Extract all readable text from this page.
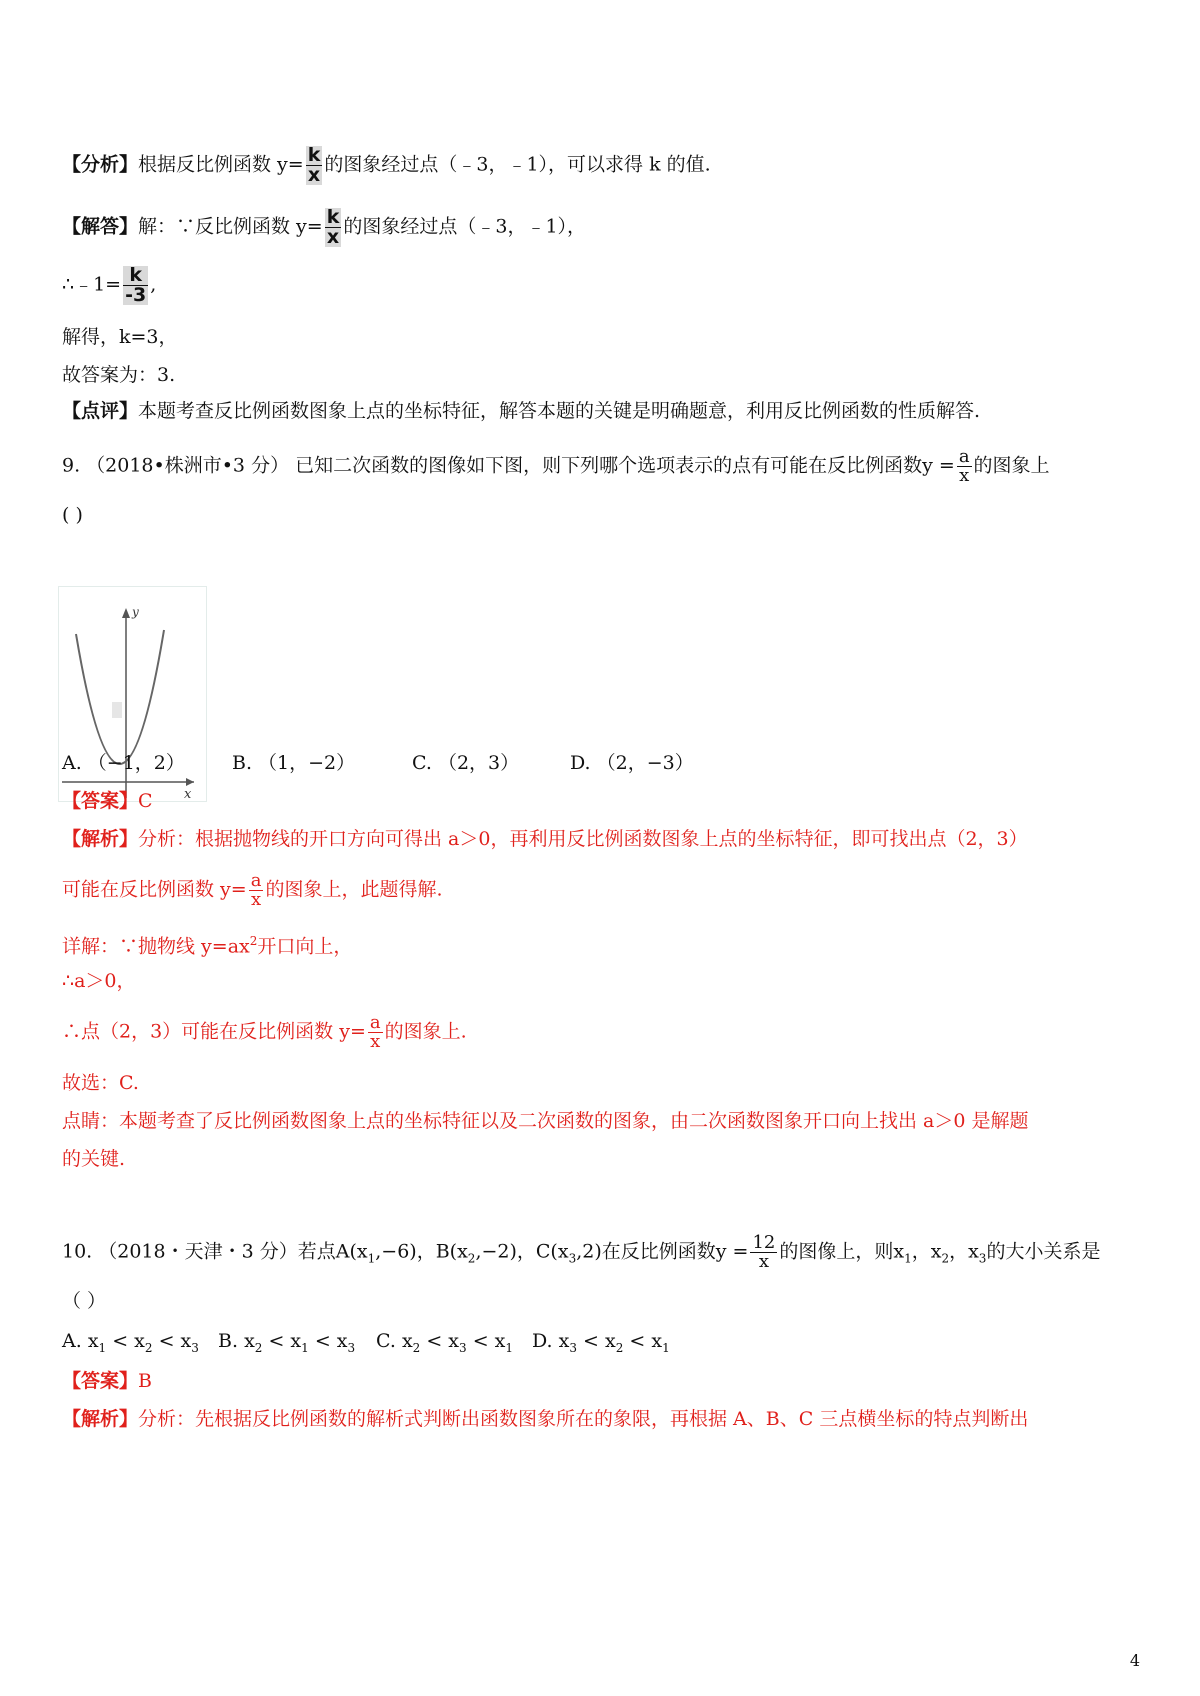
【分析】根据反比例函数 $y= \frac{k}{x}$ 的图象经过点（﹣3，﹣1），可以求得 k 的值.
【解答】解：∵反比例函数 $y= \frac{k}{x}$ 的图象经过点（﹣3，﹣1），
∴﹣1= $\frac{k}{-3}$ ,
解得，k=3，
故答案为：3.
【点评】本题考查反比例函数图象上点的坐标特征，解答本题的关键是明确题意，利用反比例函数的性质解答.
9. （2018•株洲市•3 分） 已知二次函数的图像如下图，则下列哪个选项表示的点有可能在反比例函数$y = \frac{a}{x}$ 的图象上
( )
y
x
A. （−1，2） B. （1，−2）	C. （2，3）	D. （2，−3）
【答案】C
【解析】分析：根据抛物线的开口方向可得出 a＞0，再利用反比例函数图象上点的坐标特征，即可找出点（2，3）
可能在反比例函数 $y= \frac{a}{x}$ 的图象上，此题得解.
详解：∵抛物线 $y=ax^2$开口向上，
∴a＞0，
∴点（2，3）可能在反比例函数 $y= \frac{a}{x}$ 的图象上.
故选：C.
点睛：本题考查了反比例函数图象上点的坐标特征以及二次函数的图象，由二次函数图象开口向上找出 a＞0 是解题
的关键.
10. （2018・天津・3 分）若点$A(x_1,-6)$，$B(x_2,-2)$，$C(x_3,2)$在反比例函数$y = \frac{12}{x}$ 的图像上，则$x_1$，$x_2$，$x_3$的大小关系是
（ ）
A. $x_1 < x_2 < x_3$ B. $x_2 < x_1 < x_3$ C. $x_2 < x_3 < x_1$ D. $x_3 < x_2 < x_1$
【答案】B
【解析】分析：先根据反比例函数的解析式判断出函数图象所在的象限，再根据 A、B、C 三点横坐标的特点判断出
4
